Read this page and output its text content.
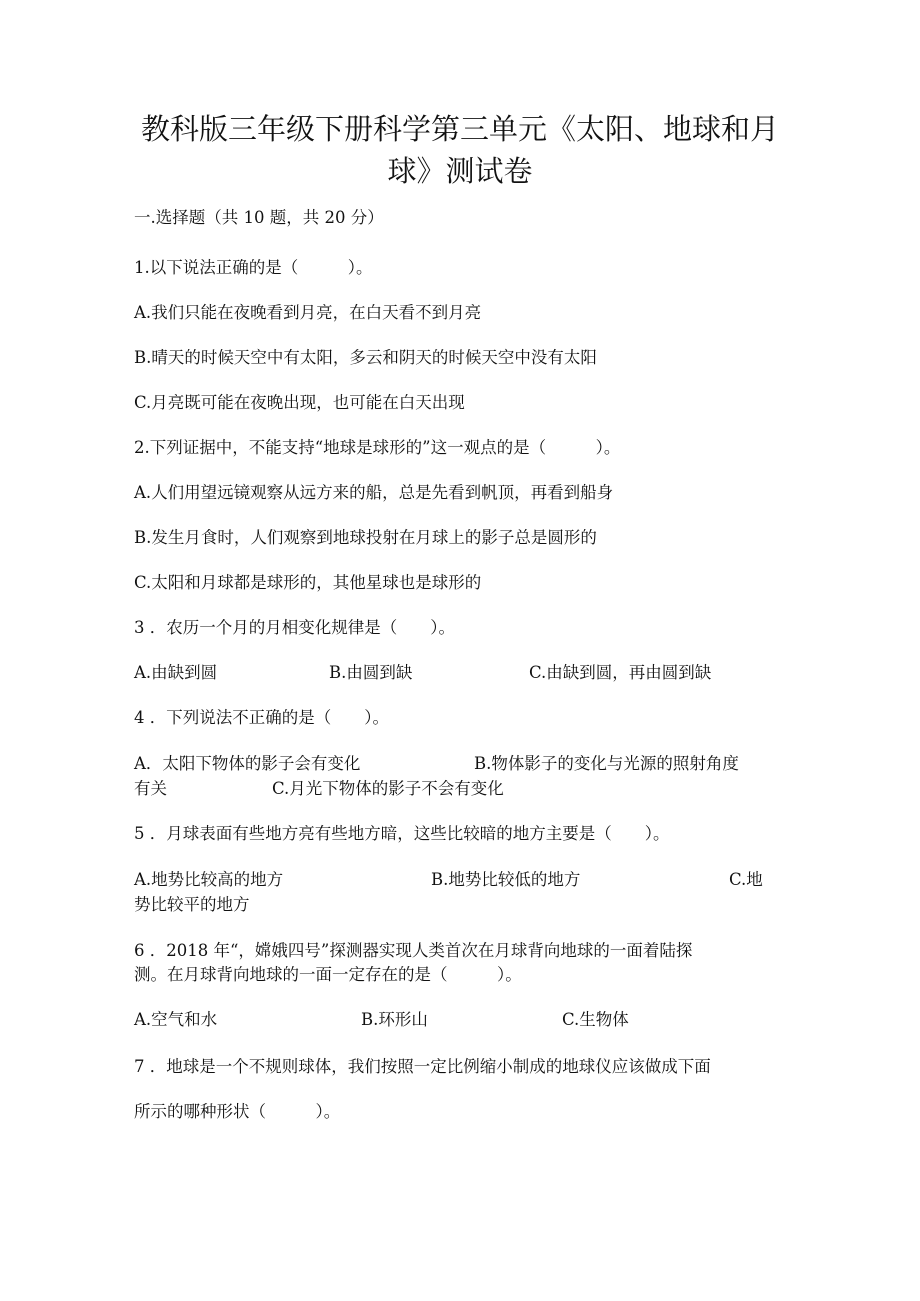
教科版三年级下册科学第三单元《太阳、地球和月
球》测试卷
一.选择题（共 10 题，共 20 分）
1.以下说法正确的是（　　　）。
A.我们只能在夜晚看到月亮，在白天看不到月亮
B.晴天的时候天空中有太阳，多云和阴天的时候天空中没有太阳
C.月亮既可能在夜晚出现，也可能在白天出现
2.下列证据中，不能支持“地球是球形的”这一观点的是（　　　）。
A.人们用望远镜观察从远方来的船，总是先看到帆顶，再看到船身
B.发生月食时，人们观察到地球投射在月球上的影子总是圆形的
C.太阳和月球都是球形的，其他星球也是球形的
3 ．农历一个月的月相变化规律是（　　）。
A.由缺到圆	B.由圆到缺	C.由缺到圆，再由圆到缺
4 ．下列说法不正确的是（　　）。
A．太阳下物体的影子会有变化	B.物体影子的变化与光源的照射角度
有关	C.月光下物体的影子不会有变化
5 ．月球表面有些地方亮有些地方暗，这些比较暗的地方主要是（　　）。
A.地势比较高的地方	B.地势比较低的地方	C.地
势比较平的地方
6 ．2018 年“，嫦娥四号”探测器实现人类首次在月球背向地球的一面着陆探
测。在月球背向地球的一面一定存在的是（　　　）。
A.空气和水	B.环形山	C.生物体
7 ．地球是一个不规则球体，我们按照一定比例缩小制成的地球仪应该做成下面
所示的哪种形状（　　　）。
